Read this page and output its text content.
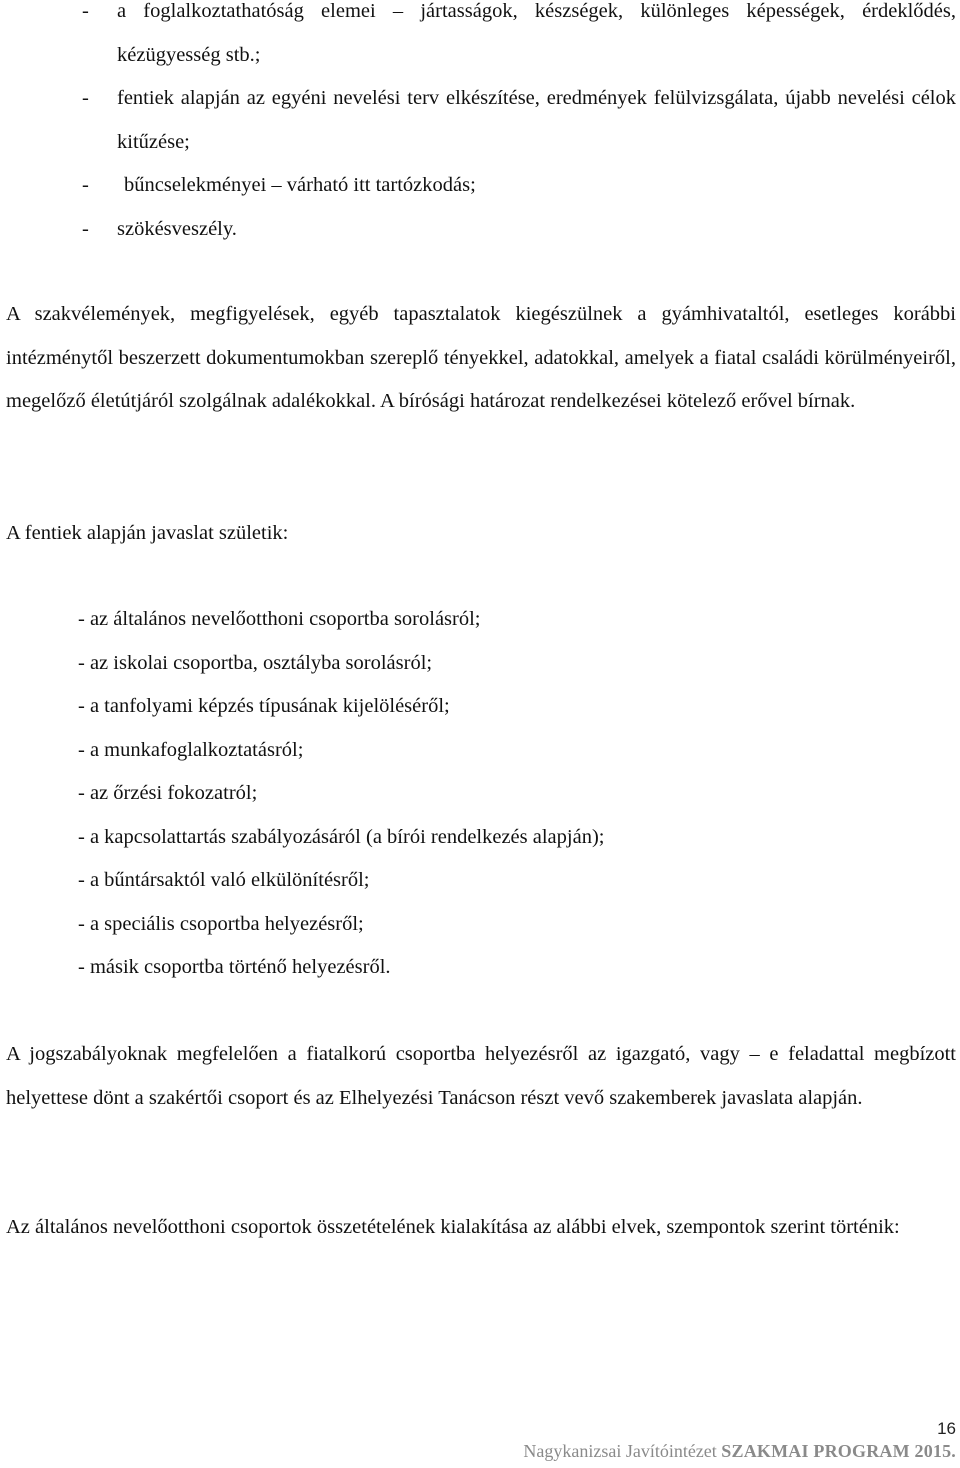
- a foglalkoztathatóság elemei – jártasságok, készségek, különleges képességek, érdeklődés, kézügyesség stb.;
- fentiek alapján az egyéni nevelési terv elkészítése, eredmények felülvizsgálata, újabb nevelési célok kitűzése;
- bűncselekményei – várható itt tartózkodás;
- szökésveszély.

A szakvélemények, megfigyelések, egyéb tapasztalatok kiegészülnek a gyámhivataltól, esetleges korábbi intézménytől beszerzett dokumentumokban szereplő tényekkel, adatokkal, amelyek a fiatal családi körülményeiről, megelőző életútjáról szolgálnak adalékokkal. A bírósági határozat rendelkezései kötelező erővel bírnak.

A fentiek alapján javaslat születik:

- az általános nevelőotthoni csoportba sorolásról;
- az iskolai csoportba, osztályba sorolásról;
- a tanfolyami képzés típusának kijelöléséről;
- a munkafoglalkoztatásról;
- az őrzési fokozatról;
- a kapcsolattartás szabályozásáról (a bírói rendelkezés alapján);
- a bűntársaktól való elkülönítésről;
- a speciális csoportba helyezésről;
- másik csoportba történő helyezésről.

A jogszabályoknak megfelelően a fiatalkorú csoportba helyezésről az igazgató, vagy – e feladattal megbízott helyettese dönt a szakértői csoport és az Elhelyezési Tanácson részt vevő szakemberek javaslata alapján.

Az általános nevelőotthoni csoportok összetételének kialakítása az alábbi elvek, szempontok szerint történik:

16
Nagykanizsai Javítóintézet SZAKMAI PROGRAM 2015.
